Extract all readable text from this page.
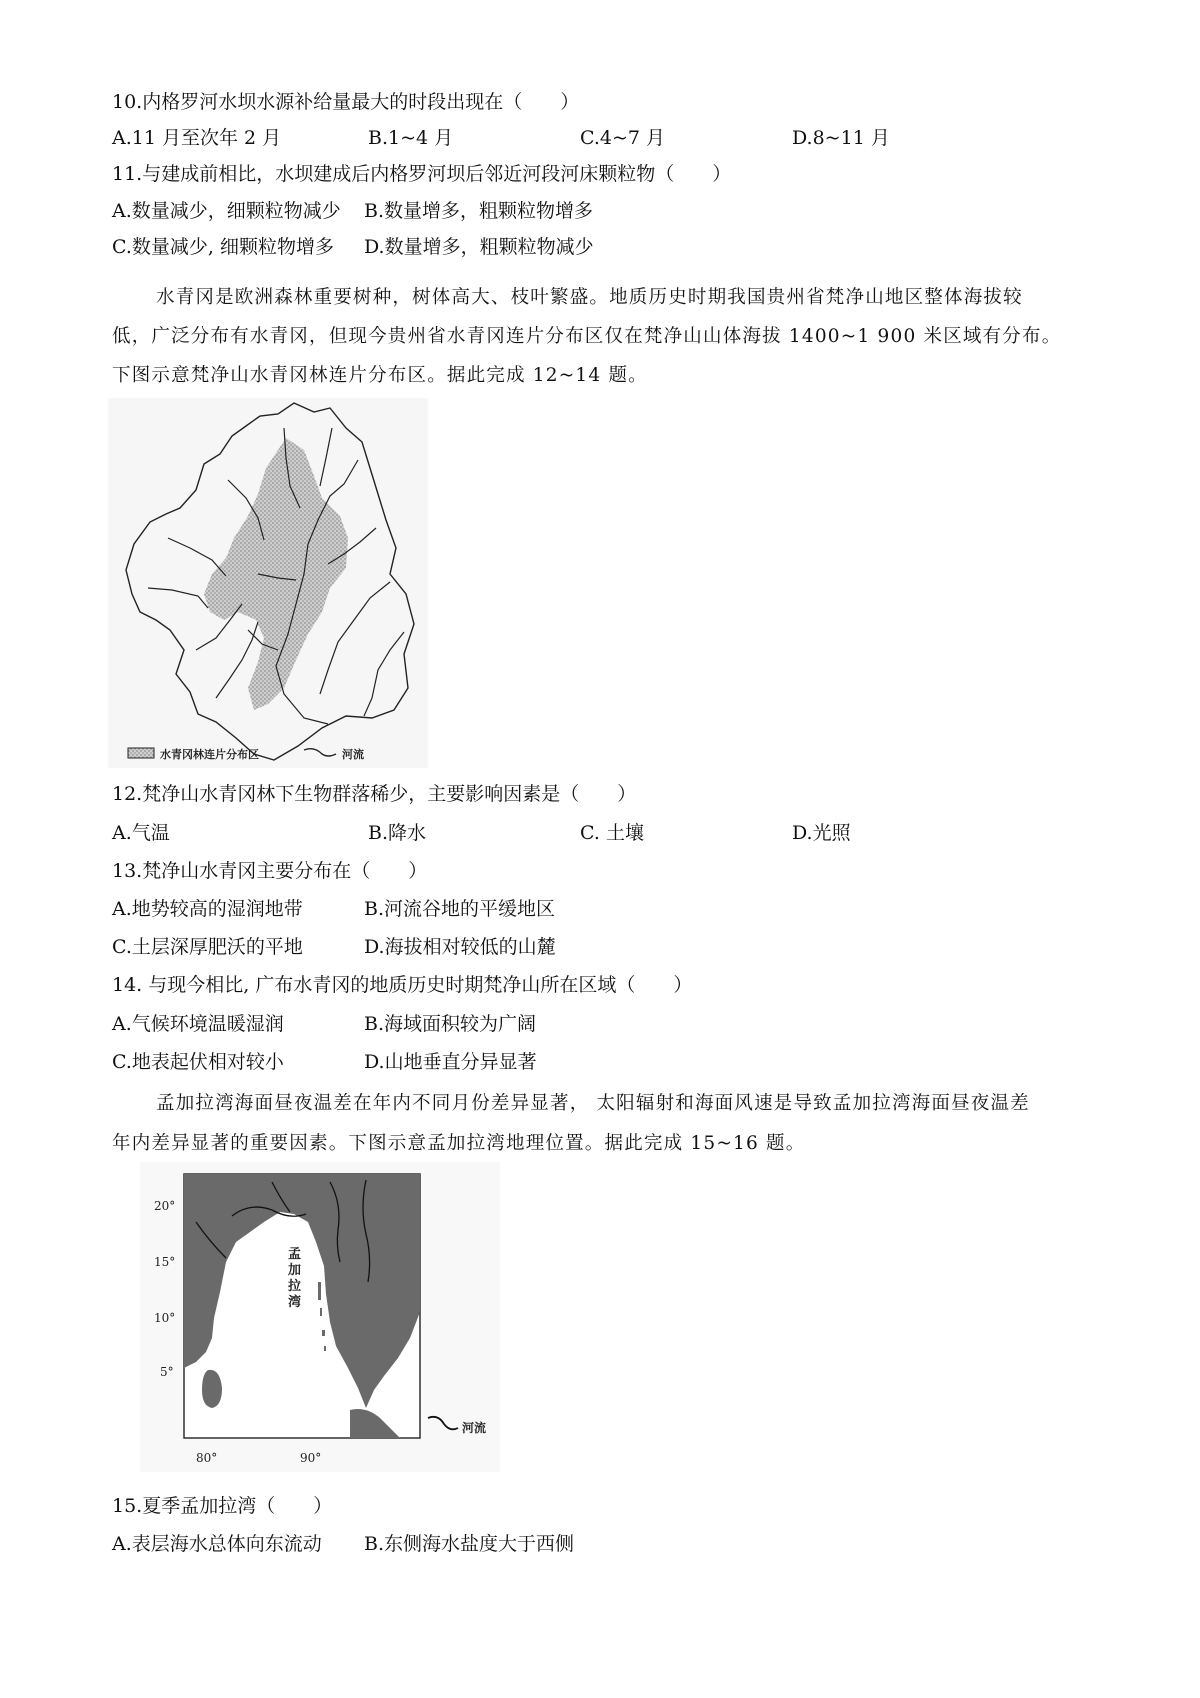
10.内格罗河水坝水源补给量最大的时段出现在（　　）
A.11 月至次年 2 月	B.1~4 月	C.4~7 月	D.8~11 月
11.与建成前相比，水坝建成后内格罗河坝后邻近河段河床颗粒物（　　）
A.数量减少，细颗粒物减少 B.数量增多，粗颗粒物增多
C.数量减少, 细颗粒物增多 D.数量增多，粗颗粒物减少
水青冈是欧洲森林重要树种，树体高大、枝叶繁盛。地质历史时期我国贵州省梵净山地区整体海拔较
低，广泛分布有水青冈，但现今贵州省水青冈连片分布区仅在梵净山山体海拔 1400~1 900 米区域有分布。
下图示意梵净山水青冈林连片分布区。据此完成 12~14 题。
水青冈林连片分布区	河流
12.梵净山水青冈林下生物群落稀少，主要影响因素是（　　）
A.气温	B.降水	C. 土壤	D.光照
13.梵净山水青冈主要分布在（　　）
A.地势较高的湿润地带	B.河流谷地的平缓地区
C.土层深厚肥沃的平地	D.海拔相对较低的山麓
14. 与现今相比, 广布水青冈的地质历史时期梵净山所在区域（　　）
A.气候环境温暖湿润	B.海域面积较为广阔
C.地表起伏相对较小	D.山地垂直分异显著
孟加拉湾海面昼夜温差在年内不同月份差异显著， 太阳辐射和海面风速是导致孟加拉湾海面昼夜温差
年内差异显著的重要因素。下图示意孟加拉湾地理位置。据此完成 15~16 题。
孟
加
拉
湾
20°
15°
10°
5°
80°	90°
河流
15.夏季孟加拉湾（　　）
A.表层海水总体向东流动 B.东侧海水盐度大于西侧
